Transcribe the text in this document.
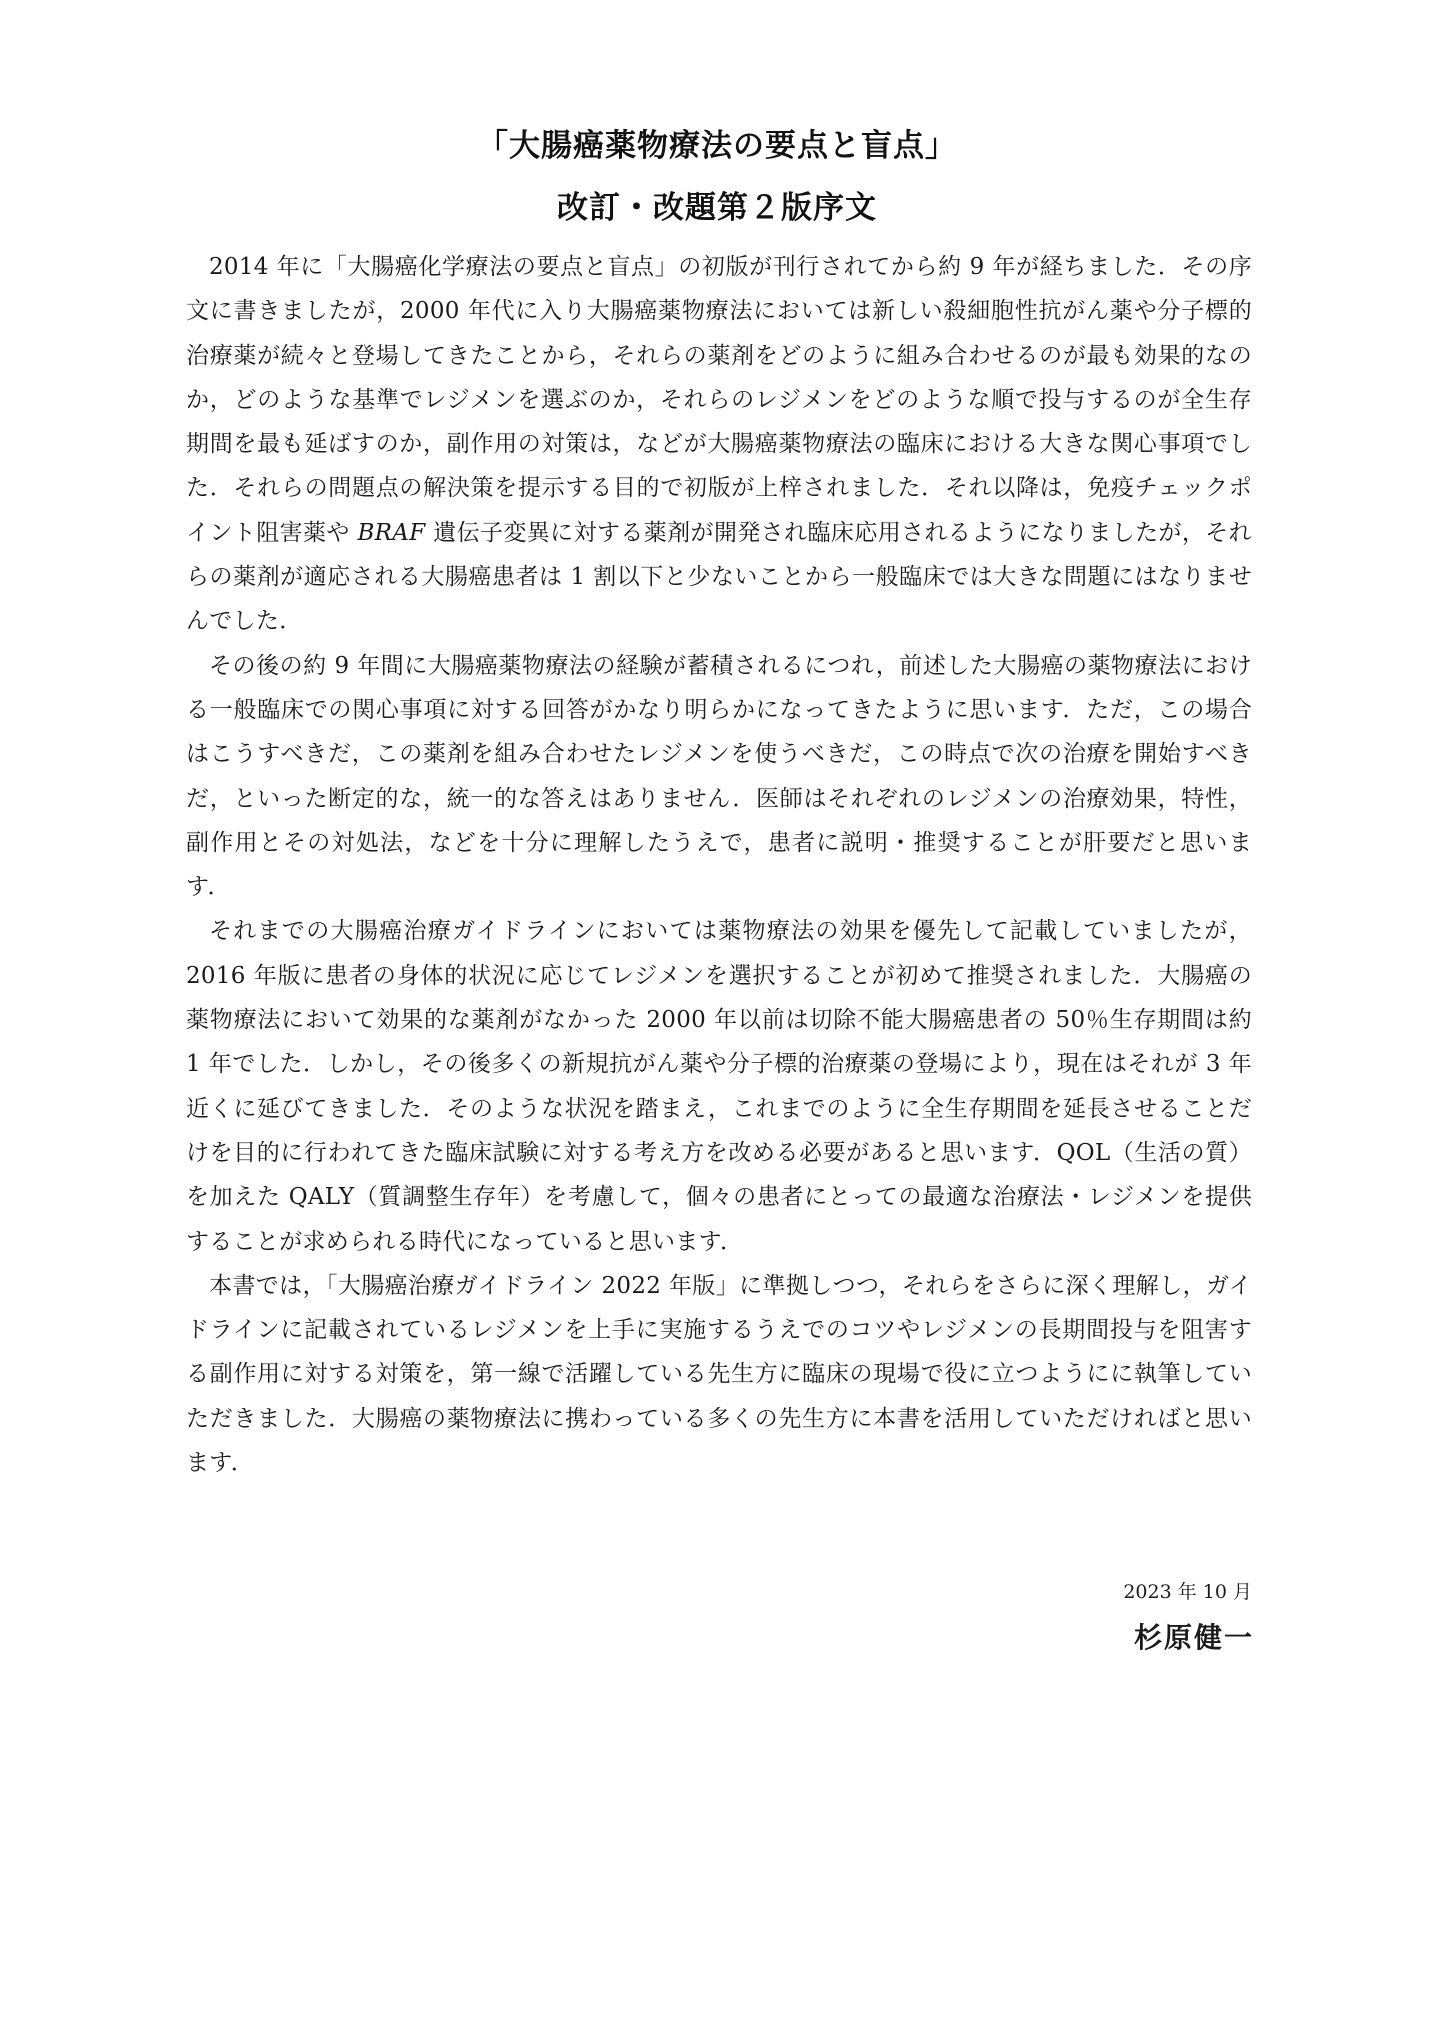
「大腸癌薬物療法の要点と盲点」
改訂・改題第２版序文

2014 年に「大腸癌化学療法の要点と盲点」の初版が刊行されてから約 9 年が経ちました．その序文に書きましたが，2000 年代に入り大腸癌薬物療法においては新しい殺細胞性抗がん薬や分子標的治療薬が続々と登場してきたことから，それらの薬剤をどのように組み合わせるのが最も効果的なのか，どのような基準でレジメンを選ぶのか，それらのレジメンをどのような順で投与するのが全生存期間を最も延ばすのか，副作用の対策は，などが大腸癌薬物療法の臨床における大きな関心事項でした．それらの問題点の解決策を提示する目的で初版が上梓されました．それ以降は，免疫チェックポイント阻害薬や BRAF 遺伝子変異に対する薬剤が開発され臨床応用されるようになりましたが，それらの薬剤が適応される大腸癌患者は 1 割以下と少ないことから一般臨床では大きな問題にはなりませんでした．

その後の約 9 年間に大腸癌薬物療法の経験が蓄積されるにつれ，前述した大腸癌の薬物療法における一般臨床での関心事項に対する回答がかなり明らかになってきたように思います．ただ，この場合はこうすべきだ，この薬剤を組み合わせたレジメンを使うべきだ，この時点で次の治療を開始すべきだ，といった断定的な，統一的な答えはありません．医師はそれぞれのレジメンの治療効果，特性，副作用とその対処法，などを十分に理解したうえで，患者に説明・推奨することが肝要だと思います．

それまでの大腸癌治療ガイドラインにおいては薬物療法の効果を優先して記載していましたが，2016 年版に患者の身体的状況に応じてレジメンを選択することが初めて推奨されました．大腸癌の薬物療法において効果的な薬剤がなかった 2000 年以前は切除不能大腸癌患者の 50％生存期間は約 1 年でした．しかし，その後多くの新規抗がん薬や分子標的治療薬の登場により，現在はそれが 3 年近くに延びてきました．そのような状況を踏まえ，これまでのように全生存期間を延長させることだけを目的に行われてきた臨床試験に対する考え方を改める必要があると思います．QOL（生活の質）を加えた QALY（質調整生存年）を考慮して，個々の患者にとっての最適な治療法・レジメンを提供することが求められる時代になっていると思います．

本書では，「大腸癌治療ガイドライン 2022 年版」に準拠しつつ，それらをさらに深く理解し，ガイドラインに記載されているレジメンを上手に実施するうえでのコツやレジメンの長期間投与を阻害する副作用に対する対策を，第一線で活躍している先生方に臨床の現場で役に立つようにに執筆していただきました．大腸癌の薬物療法に携わっている多くの先生方に本書を活用していただければと思います．

2023 年 10 月
杉原健一
